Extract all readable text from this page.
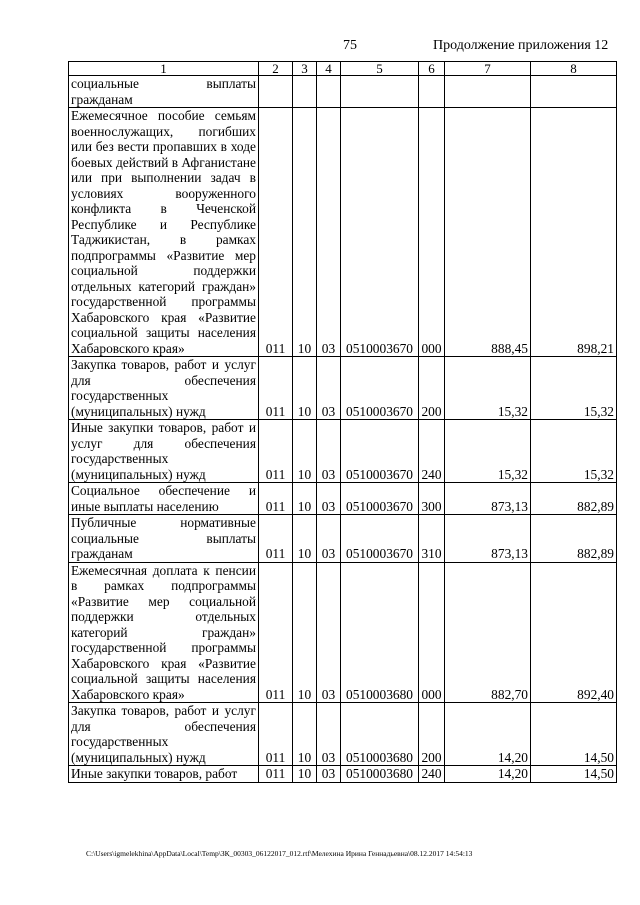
75	Продолжение приложения 12
1	2	3	4	5	6	7	8
социальные выплаты гражданам							
Ежемесячное пособие семьям военнослужащих, погибших или без вести пропавших в ходе боевых действий в Афганистане или при выполнении задач в условиях вооруженного конфликта в Чеченской Республике и Республике Таджикистан, в рамках подпрограммы «Развитие мер социальной поддержки отдельных категорий граждан» государственной программы Хабаровского края «Развитие социальной защиты населения Хабаровского края»	011	10	03	0510003670	000	888,45	898,21
Закупка товаров, работ и услуг для обеспечения государственных (муниципальных) нужд	011	10	03	0510003670	200	15,32	15,32
Иные закупки товаров, работ и услуг для обеспечения государственных (муниципальных) нужд	011	10	03	0510003670	240	15,32	15,32
Социальное обеспечение и иные выплаты населению	011	10	03	0510003670	300	873,13	882,89
Публичные нормативные социальные выплаты гражданам	011	10	03	0510003670	310	873,13	882,89
Ежемесячная доплата к пенсии в рамках подпрограммы «Развитие мер социальной поддержки отдельных категорий граждан» государственной программы Хабаровского края «Развитие социальной защиты населения Хабаровского края»	011	10	03	0510003680	000	882,70	892,40
Закупка товаров, работ и услуг для обеспечения государственных (муниципальных) нужд	011	10	03	0510003680	200	14,20	14,50
Иные закупки товаров, работ	011	10	03	0510003680	240	14,20	14,50
C:\Users\igmelekhina\AppData\Local\Temp\ЗК_00303_06122017_012.rtf\Мелехина Ирина Геннадьевна\08.12.2017 14:54:13
